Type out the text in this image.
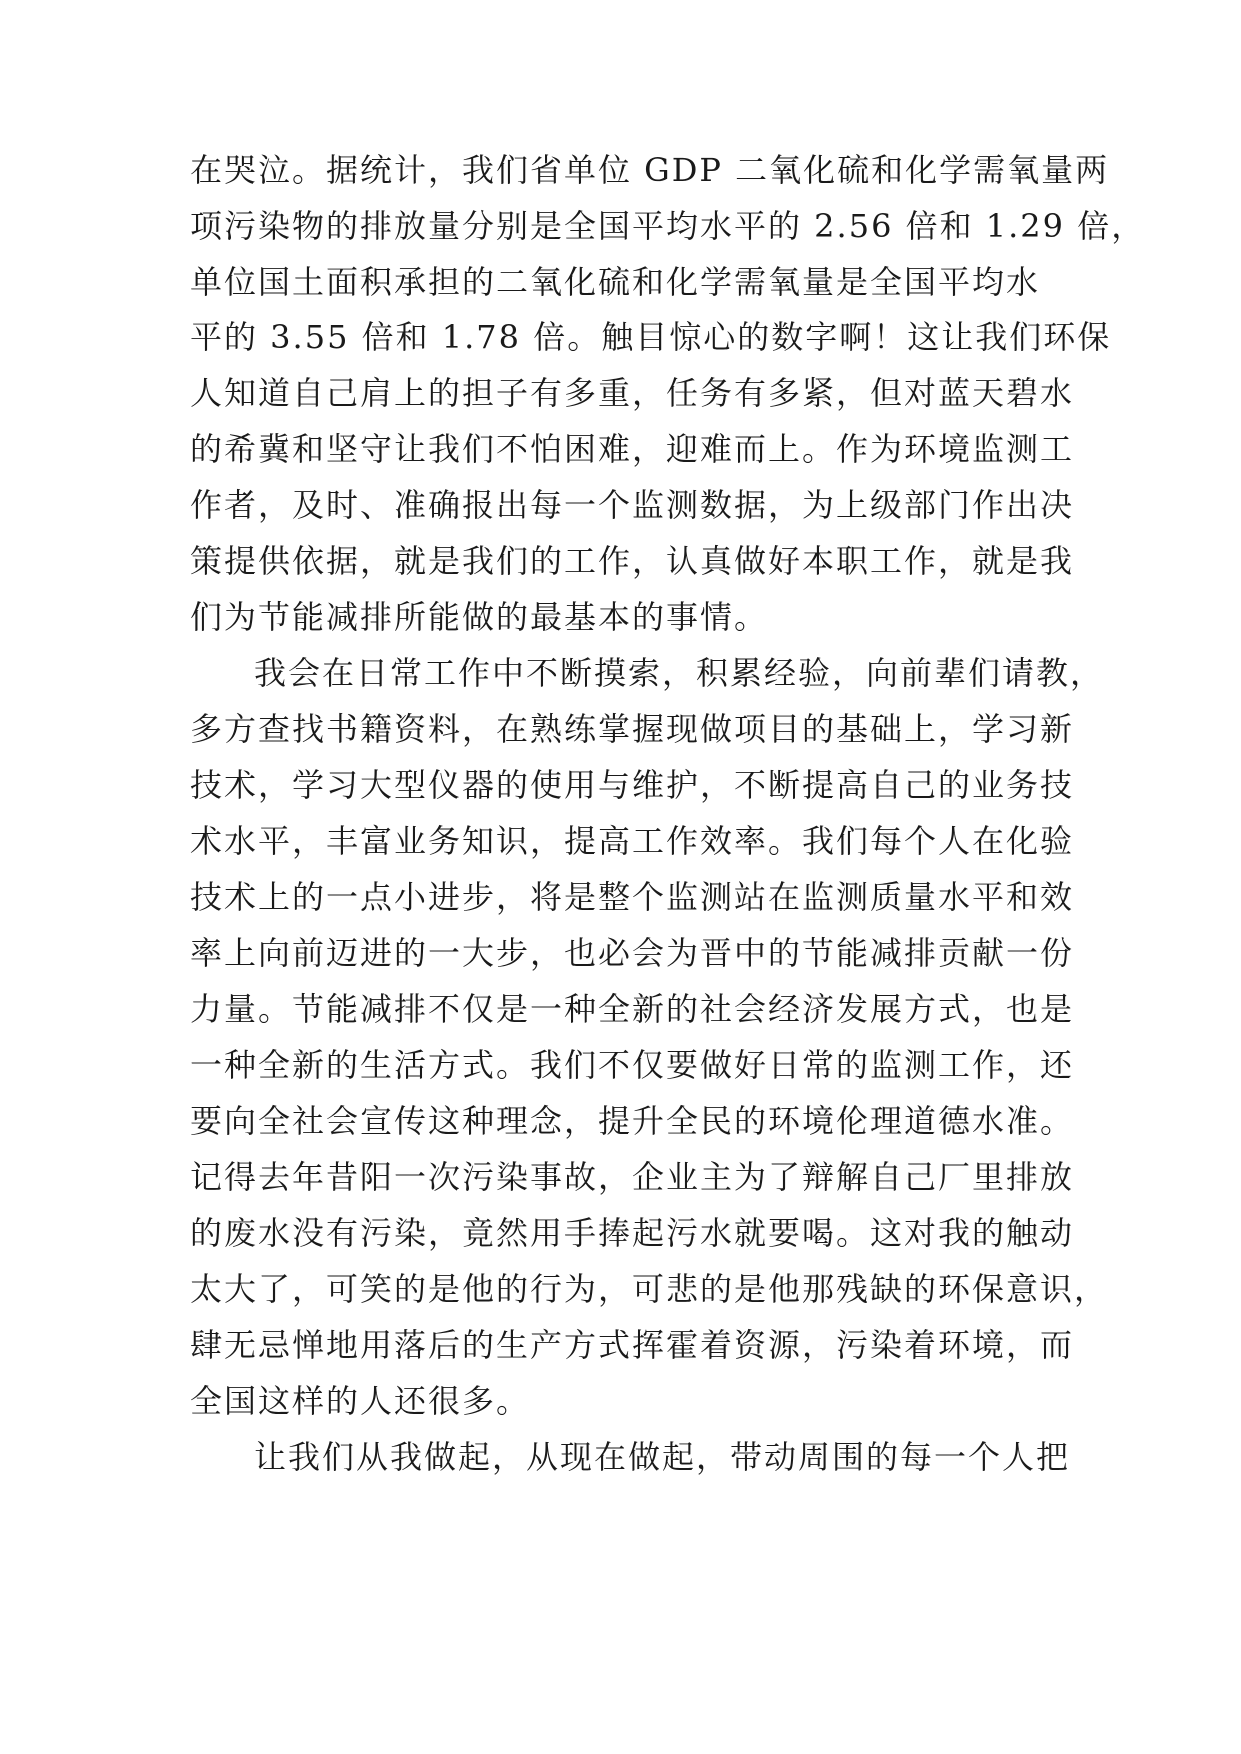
在哭泣。据统计，我们省单位 GDP 二氧化硫和化学需氧量两
项污染物的排放量分别是全国平均水平的 2.56 倍和 1.29 倍，
单位国土面积承担的二氧化硫和化学需氧量是全国平均水
平的 3.55 倍和 1.78 倍。触目惊心的数字啊！这让我们环保
人知道自己肩上的担子有多重，任务有多紧，但对蓝天碧水
的希冀和坚守让我们不怕困难，迎难而上。作为环境监测工
作者，及时、准确报出每一个监测数据，为上级部门作出决
策提供依据，就是我们的工作，认真做好本职工作，就是我
们为节能减排所能做的最基本的事情。
我会在日常工作中不断摸索，积累经验，向前辈们请教，
多方查找书籍资料，在熟练掌握现做项目的基础上，学习新
技术，学习大型仪器的使用与维护，不断提高自己的业务技
术水平，丰富业务知识，提高工作效率。我们每个人在化验
技术上的一点小进步，将是整个监测站在监测质量水平和效
率上向前迈进的一大步，也必会为晋中的节能减排贡献一份
力量。节能减排不仅是一种全新的社会经济发展方式，也是
一种全新的生活方式。我们不仅要做好日常的监测工作，还
要向全社会宣传这种理念，提升全民的环境伦理道德水准。
记得去年昔阳一次污染事故，企业主为了辩解自己厂里排放
的废水没有污染，竟然用手捧起污水就要喝。这对我的触动
太大了，可笑的是他的行为，可悲的是他那残缺的环保意识，
肆无忌惮地用落后的生产方式挥霍着资源，污染着环境，而
全国这样的人还很多。
让我们从我做起，从现在做起，带动周围的每一个人把
